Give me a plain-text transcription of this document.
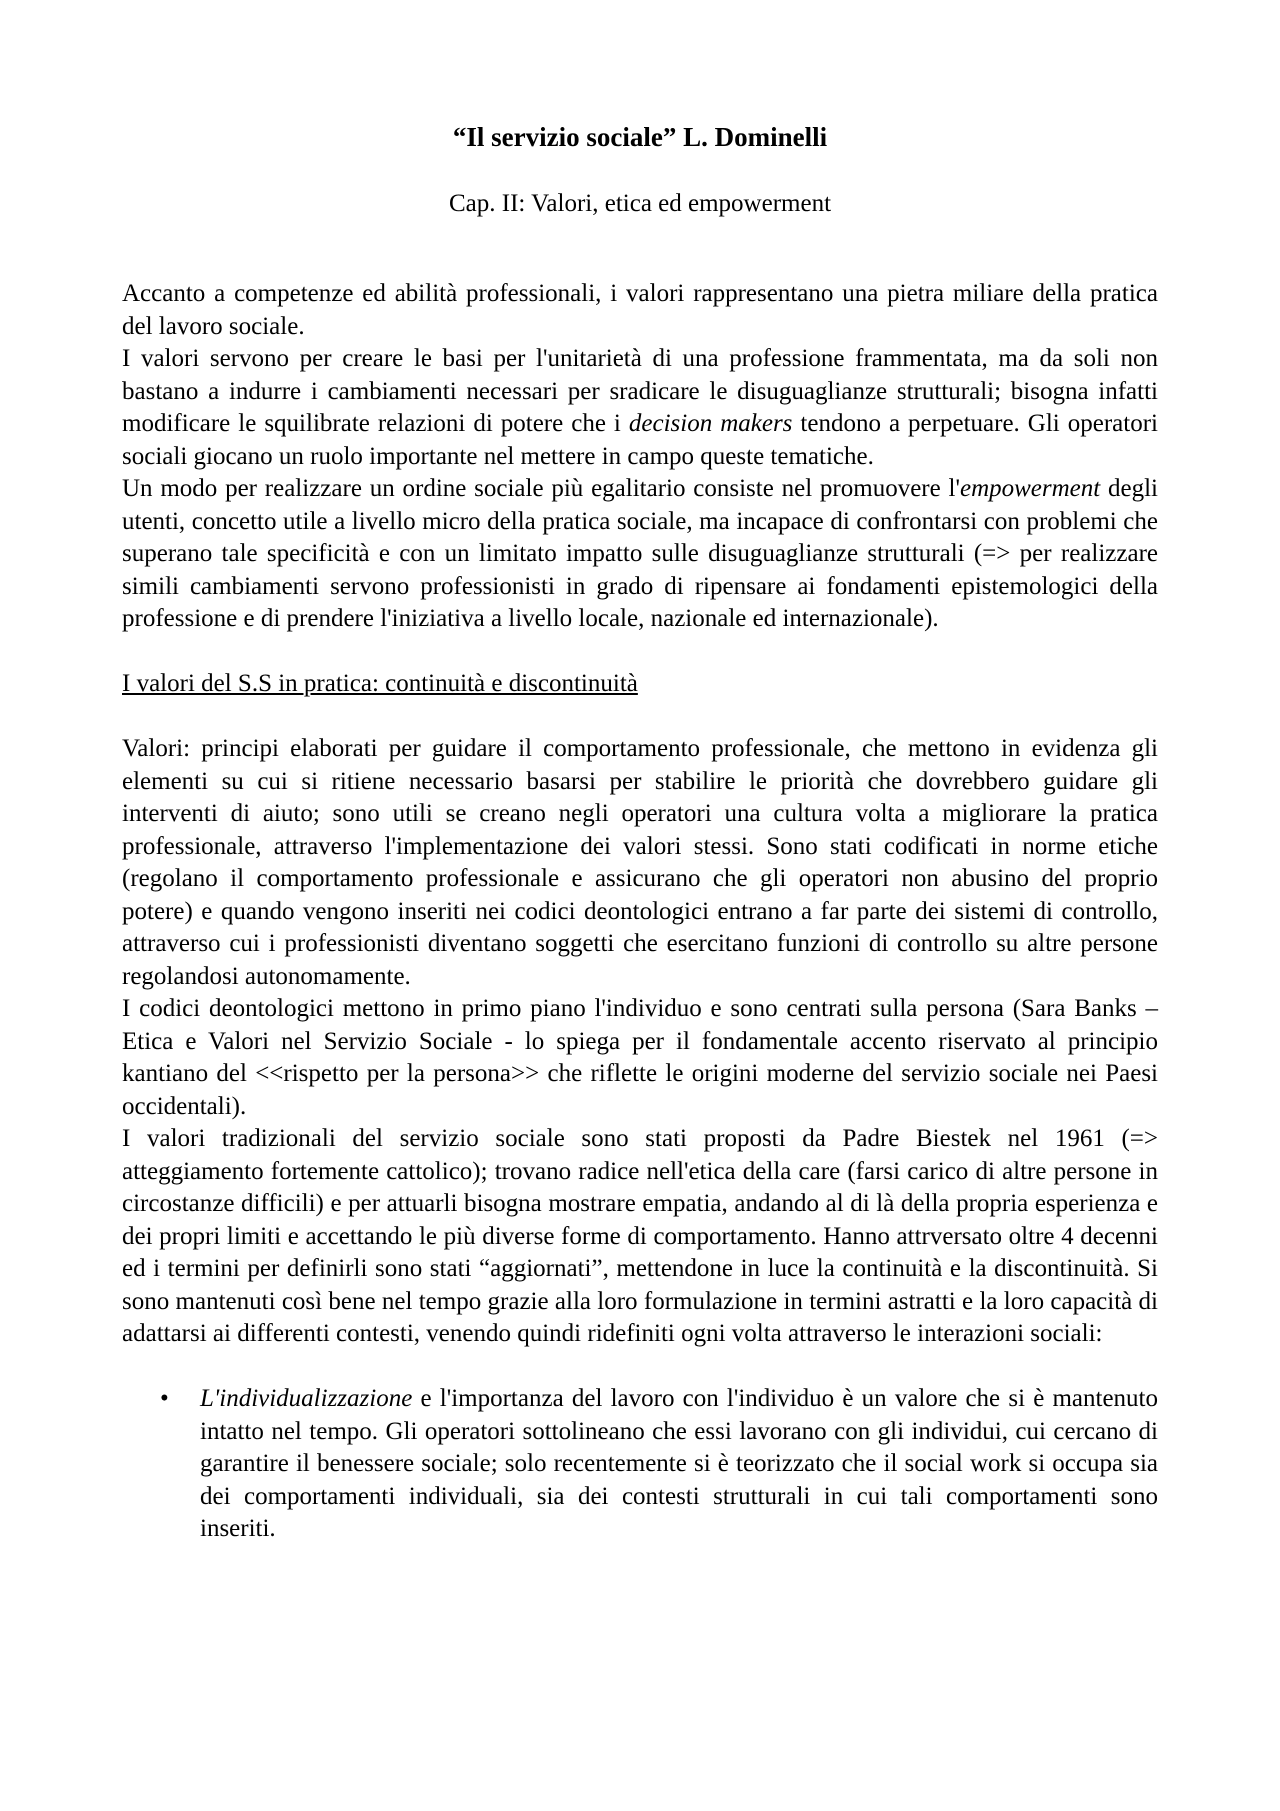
“Il servizio sociale” L. Dominelli

Cap. II: Valori, etica ed empowerment

Accanto a competenze ed abilità professionali, i valori rappresentano una pietra miliare della pratica del lavoro sociale.

I valori servono per creare le basi per l'unitarietà di una professione frammentata, ma da soli non bastano a indurre i cambiamenti necessari per sradicare le disuguaglianze strutturali; bisogna infatti modificare le squilibrate relazioni di potere che i decision makers tendono a perpetuare. Gli operatori sociali giocano un ruolo importante nel mettere in campo queste tematiche.

Un modo per realizzare un ordine sociale più egalitario consiste nel promuovere l'empowerment degli utenti, concetto utile a livello micro della pratica sociale, ma incapace di confrontarsi con problemi che superano tale specificità e con un limitato impatto sulle disuguaglianze strutturali (=> per realizzare simili cambiamenti servono professionisti in grado di ripensare ai fondamenti epistemologici della professione e di prendere l'iniziativa a livello locale, nazionale ed internazionale).

I valori del S.S in pratica: continuità e discontinuità

Valori: principi elaborati per guidare il comportamento professionale, che mettono in evidenza gli elementi su cui si ritiene necessario basarsi per stabilire le priorità che dovrebbero guidare gli interventi di aiuto; sono utili se creano negli operatori una cultura volta a migliorare la pratica professionale, attraverso l'implementazione dei valori stessi. Sono stati codificati in norme etiche (regolano il comportamento professionale e assicurano che gli operatori non abusino del proprio potere) e quando vengono inseriti nei codici deontologici entrano a far parte dei sistemi di controllo, attraverso cui i professionisti diventano soggetti che esercitano funzioni di controllo su altre persone regolandosi autonomamente.

I codici deontologici mettono in primo piano l'individuo e sono centrati sulla persona (Sara Banks – Etica e Valori nel Servizio Sociale - lo spiega per il fondamentale accento riservato al principio kantiano del <<rispetto per la persona>> che riflette le origini moderne del servizio sociale nei Paesi occidentali).

I valori tradizionali del servizio sociale sono stati proposti da Padre Biestek nel 1961 (=> atteggiamento fortemente cattolico); trovano radice nell'etica della care (farsi carico di altre persone in circostanze difficili) e per attuarli bisogna mostrare empatia, andando al di là della propria esperienza e dei propri limiti e accettando le più diverse forme di comportamento. Hanno attrversato oltre 4 decenni ed i termini per definirli sono stati “aggiornati”, mettendone in luce la continuità e la discontinuità. Si sono mantenuti così bene nel tempo grazie alla loro formulazione in termini astratti e la loro capacità di adattarsi ai differenti contesti, venendo quindi ridefiniti ogni volta attraverso le interazioni sociali:

• L'individualizzazione e l'importanza del lavoro con l'individuo è un valore che si è mantenuto intatto nel tempo. Gli operatori sottolineano che essi lavorano con gli individui, cui cercano di garantire il benessere sociale; solo recentemente si è teorizzato che il social work si occupa sia dei comportamenti individuali, sia dei contesti strutturali in cui tali comportamenti sono inseriti.
